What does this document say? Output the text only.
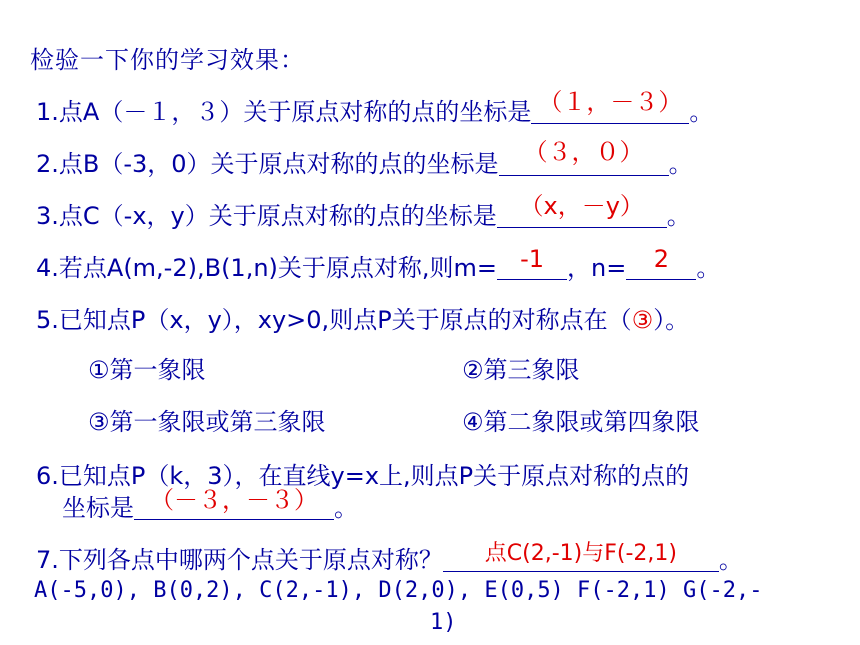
检验一下你的学习效果：
1.点A（－１，３）关于原点对称的点的坐标是 （１，－３） 。
2.点B（-3，0）关于原点对称的点的坐标是	（３，０）	。
3.点C（-x，y）关于原点对称的点的坐标是 （x，－y） 。
4.若点A(m,-2),B(1,n)关于原点对称,则m= -1 ，n=	2	。
5.已知点P（x，y），xy>0,则点P关于原点的对称点在（③）。
①第一象限	②第三象限
③第一象限或第三象限	④第二象限或第四象限
6.已知点P（k，3），在直线y=x上,则点P关于原点对称的点的
坐标是 （－３，－３） 。
7.下列各点中哪两个点关于原点对称？	点C(2,-1)与F(-2,1)	。
A(-5,0), B(0,2), C(2,-1), D(2,0), E(0,5) F(-2,1) G(-2,-
1)
